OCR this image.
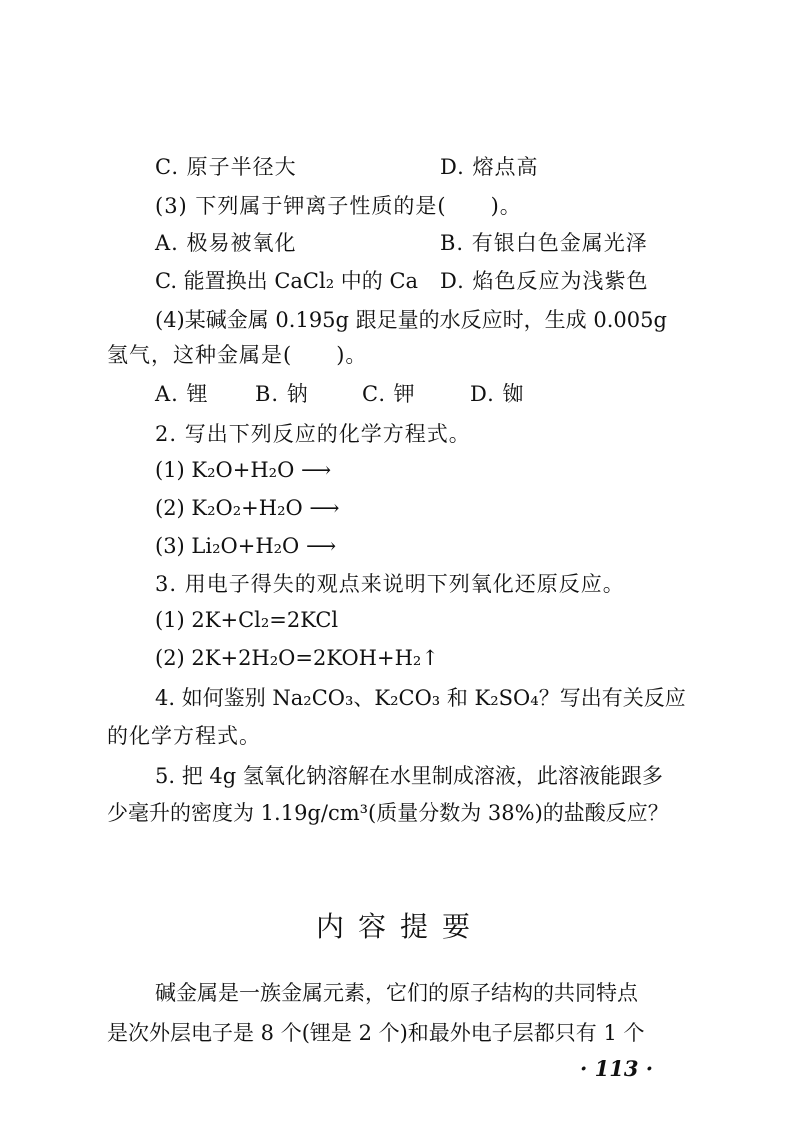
C. 原子半径大	D. 熔点高
(3) 下列属于钾离子性质的是(　　)。
A. 极易被氧化	B. 有银白色金属光泽
C. 能置换出 CaCl₂ 中的 Ca D. 焰色反应为浅紫色
(4)某碱金属 0.195g 跟足量的水反应时，生成 0.005g
氢气，这种金属是(　　)。
A. 锂 B. 钠	C. 钾	D. 铷
2. 写出下列反应的化学方程式。
(1) K₂O+H₂O ⟶
(2) K₂O₂+H₂O ⟶
(3) Li₂O+H₂O ⟶
3. 用电子得失的观点来说明下列氧化还原反应。
(1) 2K+Cl₂=2KCl
(2) 2K+2H₂O=2KOH+H₂↑
4. 如何鉴别 Na₂CO₃、K₂CO₃ 和 K₂SO₄？写出有关反应
的化学方程式。
5. 把 4g 氢氧化钠溶解在水里制成溶液，此溶液能跟多
少毫升的密度为 1.19g/cm³(质量分数为 38%)的盐酸反应？
内容提要
碱金属是一族金属元素，它们的原子结构的共同特点
是次外层电子是 8 个(锂是 2 个)和最外电子层都只有 1 个
· 113 ·
